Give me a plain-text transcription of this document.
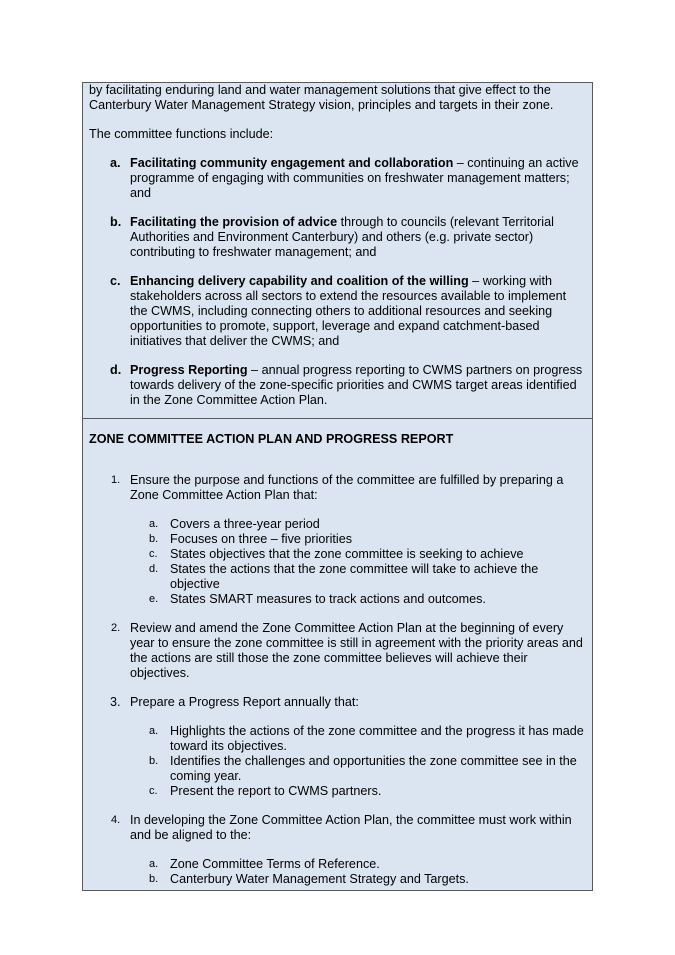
by facilitating enduring land and water management solutions that give effect to the Canterbury Water Management Strategy vision, principles and targets in their zone.

The committee functions include:

a. Facilitating community engagement and collaboration – continuing an active programme of engaging with communities on freshwater management matters; and
b. Facilitating the provision of advice through to councils (relevant Territorial Authorities and Environment Canterbury) and others (e.g. private sector) contributing to freshwater management; and
c. Enhancing delivery capability and coalition of the willing – working with stakeholders across all sectors to extend the resources available to implement the CWMS, including connecting others to additional resources and seeking opportunities to promote, support, leverage and expand catchment-based initiatives that deliver the CWMS; and
d. Progress Reporting – annual progress reporting to CWMS partners on progress towards delivery of the zone-specific priorities and CWMS target areas identified in the Zone Committee Action Plan.

ZONE COMMITTEE ACTION PLAN AND PROGRESS REPORT

1. Ensure the purpose and functions of the committee are fulfilled by preparing a Zone Committee Action Plan that:
a. Covers a three-year period
b. Focuses on three – five priorities
c. States objectives that the zone committee is seeking to achieve
d. States the actions that the zone committee will take to achieve the objective
e. States SMART measures to track actions and outcomes.
2. Review and amend the Zone Committee Action Plan at the beginning of every year to ensure the zone committee is still in agreement with the priority areas and the actions are still those the zone committee believes will achieve their objectives.
3. Prepare a Progress Report annually that:
a. Highlights the actions of the zone committee and the progress it has made toward its objectives.
b. Identifies the challenges and opportunities the zone committee see in the coming year.
c. Present the report to CWMS partners.
4. In developing the Zone Committee Action Plan, the committee must work within and be aligned to the:
a. Zone Committee Terms of Reference.
b. Canterbury Water Management Strategy and Targets.
